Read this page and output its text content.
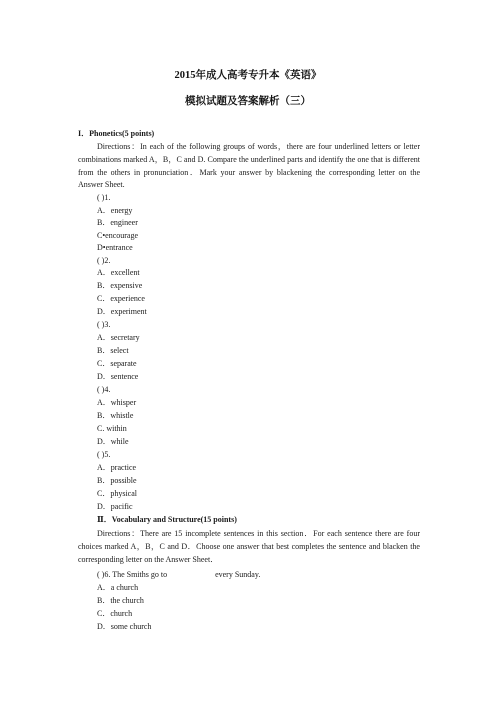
2015年成人高考专升本《英语》
模拟试题及答案解析（三）
I．Phonetics(5 points)
Directions：In each of the following groups of words，there are four underlined letters or letter combinations marked A，B，C and D. Compare the underlined parts and identify the one that is different from the others in pronunciation．Mark your answer by blackening the corresponding letter on the Answer Sheet.
( )1.
A．energy
B．engineer
C•encourage
D•entrance
( )2.
A．excellent
B．expensive
C．experience
D．experiment
( )3.
A．secretary
B．select
C．separate
D．sentence
( )4.
A．whisper
B．whistle
C. within
D．while
( )5.
A．practice
B．possible
C．physical
D．pacific
Ⅱ．Vocabulary and Structure(15 points)
Directions：There are 15 incomplete sentences in this section．For each sentence there are four choices marked A，B，C and D．Choose one answer that best completes the sentence and blacken the corresponding letter on the Answer Sheet．
( )6. The Smiths go to	every Sunday.
A．a church
B．the church
C．church
D．some church
